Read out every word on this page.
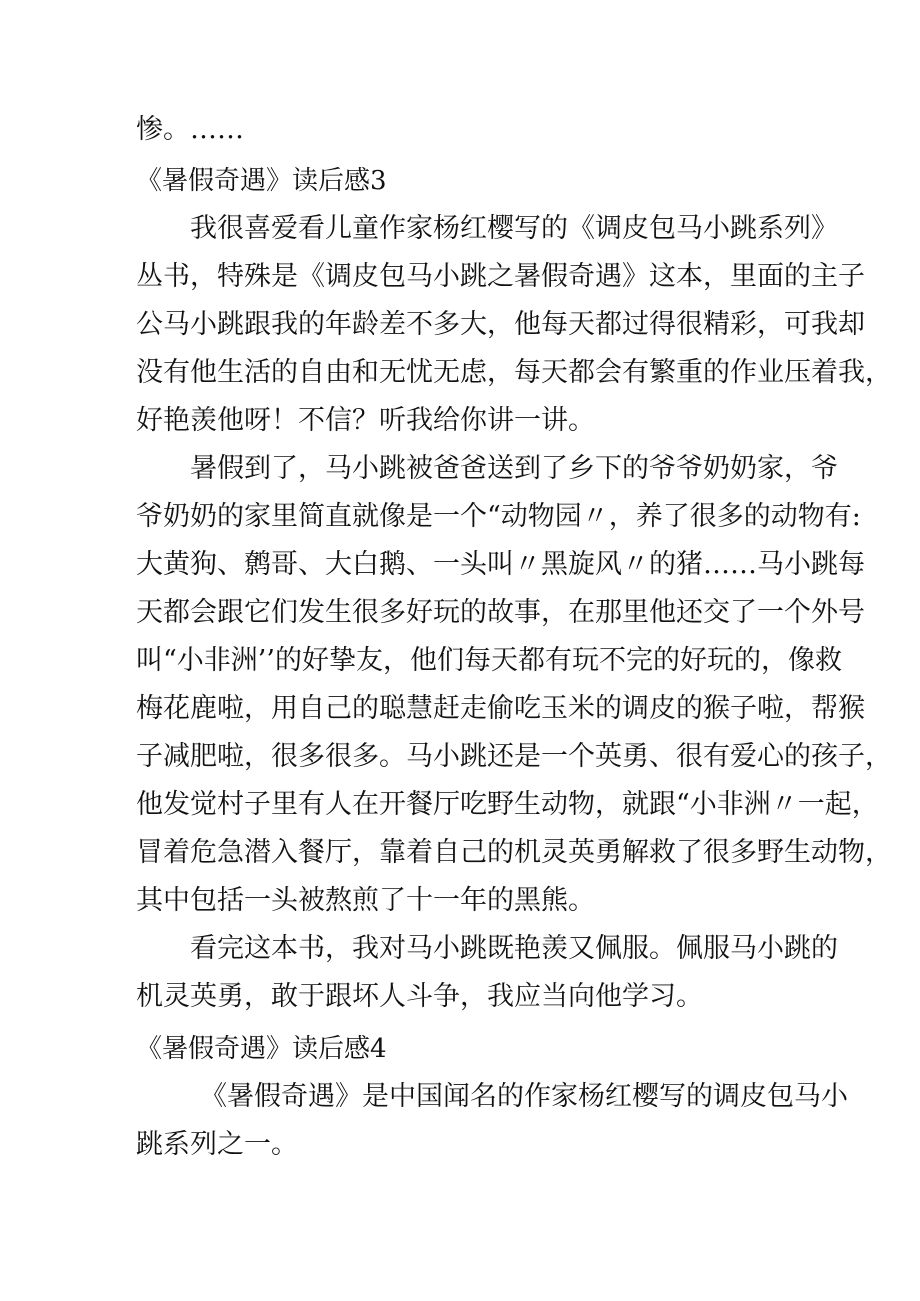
惨。……
《暑假奇遇》读后感3
我很喜爱看儿童作家杨红樱写的《调皮包马小跳系列》
丛书，特殊是《调皮包马小跳之暑假奇遇》这本，里面的主子
公马小跳跟我的年龄差不多大，他每天都过得很精彩，可我却
没有他生活的自由和无忧无虑，每天都会有繁重的作业压着我，
好艳羡他呀！不信？听我给你讲一讲。
暑假到了，马小跳被爸爸送到了乡下的爷爷奶奶家，爷
爷奶奶的家里简直就像是一个“动物园〃，养了很多的动物有:
大黄狗、鹩哥、大白鹅、一头叫〃黑旋风〃的猪……马小跳每
天都会跟它们发生很多好玩的故事，在那里他还交了一个外号
叫“小非洲’’的好挚友，他们每天都有玩不完的好玩的，像救
梅花鹿啦，用自己的聪慧赶走偷吃玉米的调皮的猴子啦，帮猴
子减肥啦，很多很多。马小跳还是一个英勇、很有爱心的孩子，
他发觉村子里有人在开餐厅吃野生动物，就跟“小非洲〃一起，
冒着危急潜入餐厅，靠着自己的机灵英勇解救了很多野生动物，
其中包括一头被熬煎了十一年的黑熊。
看完这本书，我对马小跳既艳羡又佩服。佩服马小跳的
机灵英勇，敢于跟坏人斗争，我应当向他学习。
《暑假奇遇》读后感4
《暑假奇遇》是中国闻名的作家杨红樱写的调皮包马小
跳系列之一。
